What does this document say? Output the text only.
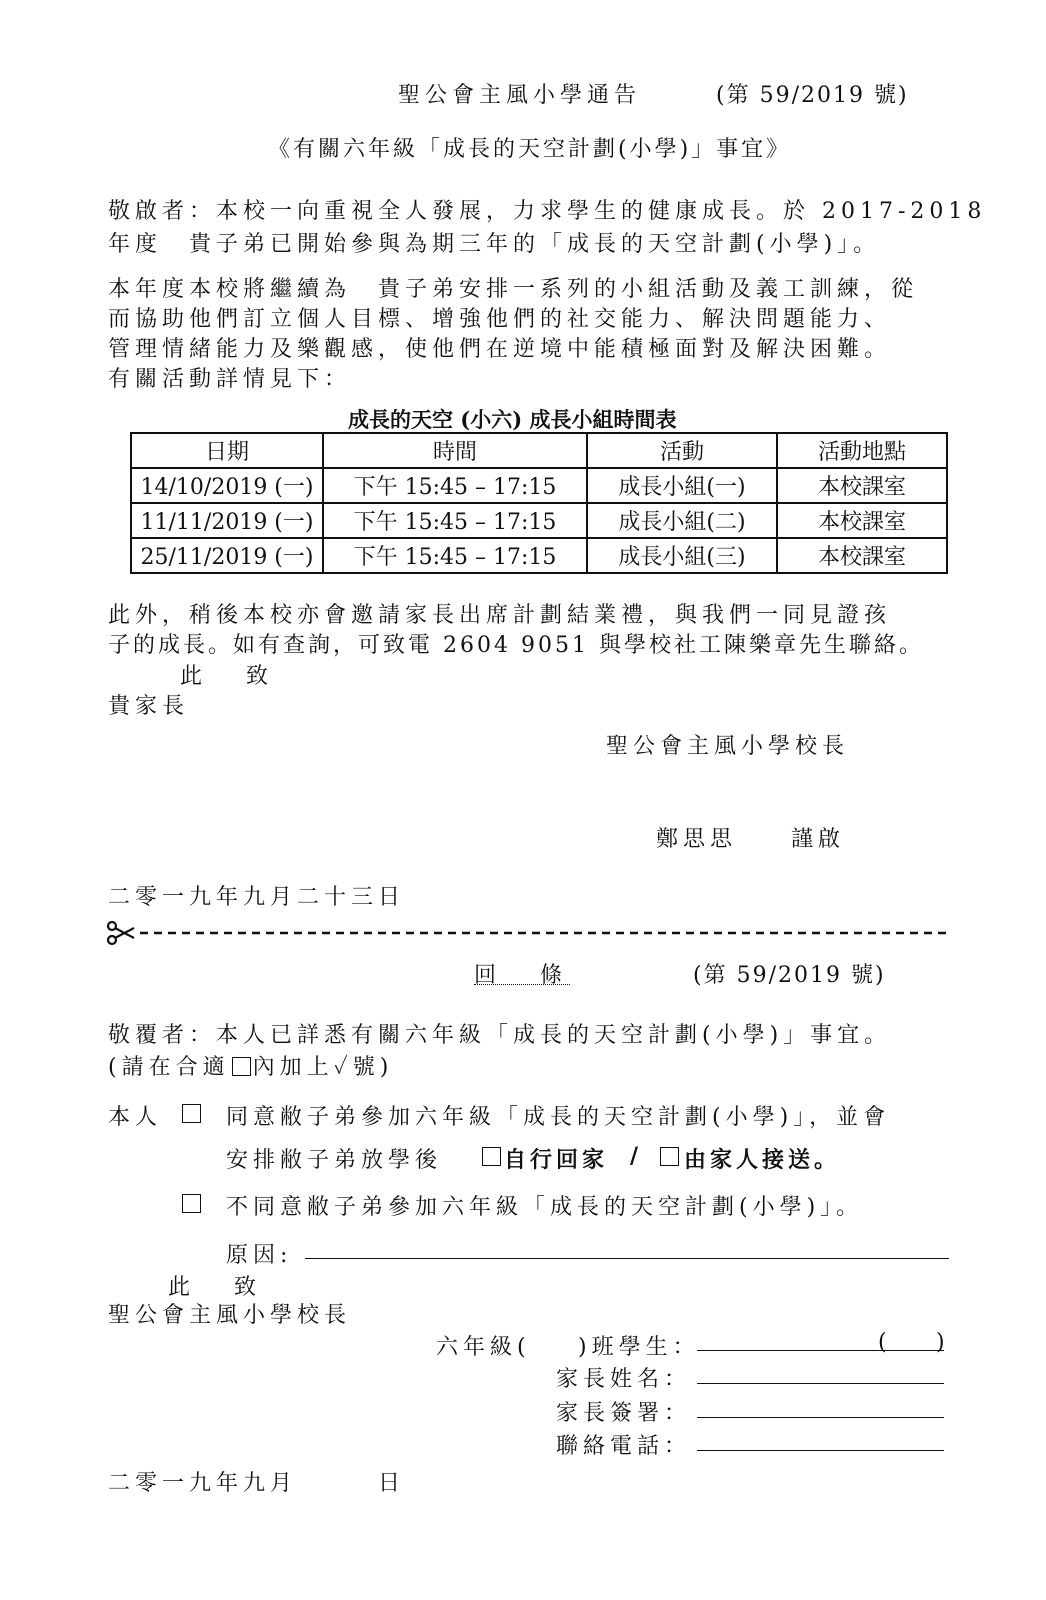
聖公會主風小學通告	(第 59/2019 號)
《有關六年級「成長的天空計劃(小學)」事宜》
敬啟者：本校一向重視全人發展，力求學生的健康成長。於 2017-2018
年度　貴子弟已開始參與為期三年的「成長的天空計劃(小學)」。
本年度本校將繼續為　貴子弟安排一系列的小組活動及義工訓練，從
而協助他們訂立個人目標、增強他們的社交能力、解決問題能力、
管理情緒能力及樂觀感，使他們在逆境中能積極面對及解決困難。
有關活動詳情見下：
成長的天空 (小六) 成長小組時間表
日期	時間	活動	活動地點
14/10/2019 (一)	下午 15:45 – 17:15	成長小組(一)	本校課室
11/11/2019 (一)	下午 15:45 – 17:15	成長小組(二)	本校課室
25/11/2019 (一)	下午 15:45 – 17:15	成長小組(三)	本校課室
此外，稍後本校亦會邀請家長出席計劃結業禮，與我們一同見證孩
子的成長。如有查詢，可致電 2604 9051 與學校社工陳樂章先生聯絡。
此　　致
貴家長
聖公會主風小學校長
鄭思思　　謹啟
二零一九年九月二十三日
回　　條	(第 59/2019 號)
敬覆者：本人已詳悉有關六年級「成長的天空計劃(小學)」事宜。
(請在合適 內加上✓號)
本人	同意敝子弟參加六年級「成長的天空計劃(小學)」，並會
安排敝子弟放學後	自行回家 / 由家人接送。
不同意敝子弟參加六年級「成長的天空計劃(小學)」。
原因:
此　　致
聖公會主風小學校長
六年級( )班學生：	( )
家長姓名：
家長簽署：
聯絡電話：
二零一九年九月　　　日
